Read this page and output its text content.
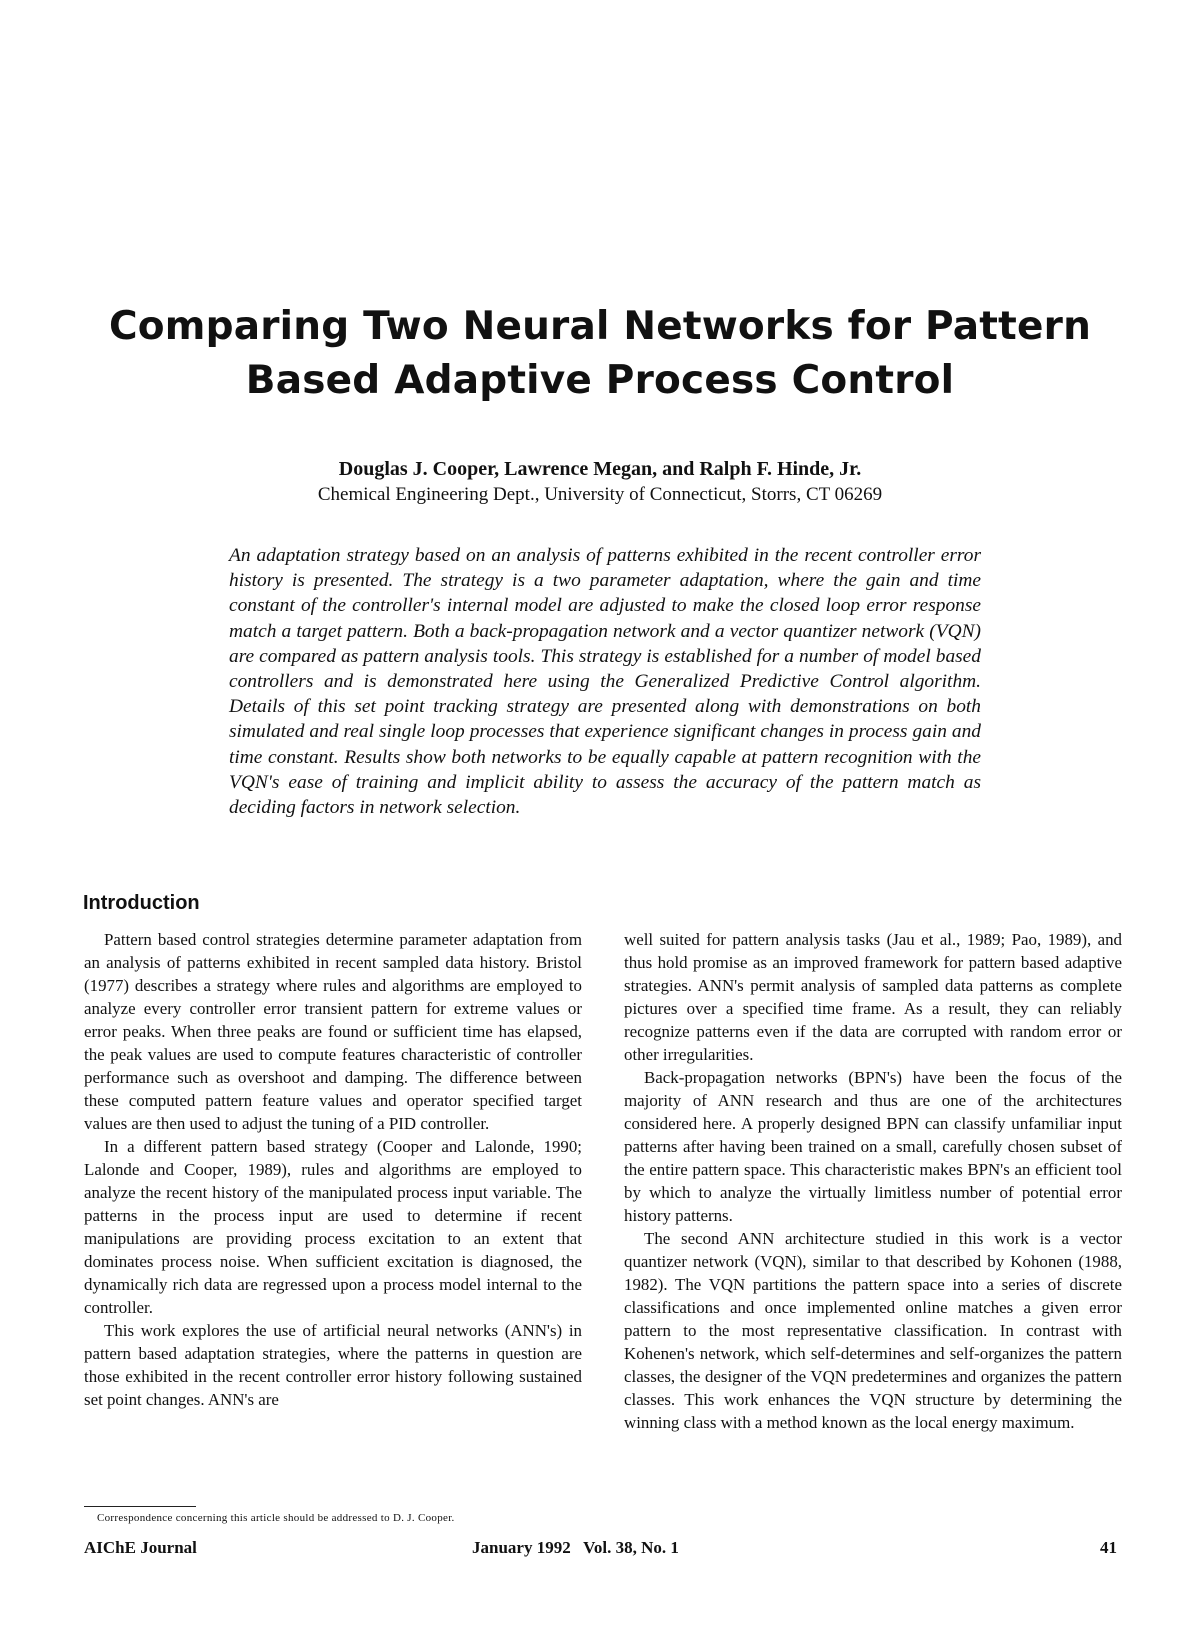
Comparing Two Neural Networks for Pattern
Based Adaptive Process Control
Douglas J. Cooper, Lawrence Megan, and Ralph F. Hinde, Jr.
Chemical Engineering Dept., University of Connecticut, Storrs, CT 06269

An adaptation strategy based on an analysis of patterns exhibited in the recent controller error history is presented. The strategy is a two parameter adaptation, where the gain and time constant of the controller's internal model are adjusted to make the closed loop error response match a target pattern. Both a back-propagation network and a vector quantizer network (VQN) are compared as pattern analysis tools. This strategy is established for a number of model based controllers and is demonstrated here using the Generalized Predictive Control algorithm. Details of this set point tracking strategy are presented along with demonstrations on both simulated and real single loop processes that experience significant changes in process gain and time constant. Results show both networks to be equally capable at pattern recognition with the VQN's ease of training and implicit ability to assess the accuracy of the pattern match as deciding factors in network selection.

Introduction

Pattern based control strategies determine parameter adaptation from an analysis of patterns exhibited in recent sampled data history. Bristol (1977) describes a strategy where rules and algorithms are employed to analyze every controller error transient pattern for extreme values or error peaks. When three peaks are found or sufficient time has elapsed, the peak values are used to compute features characteristic of controller performance such as overshoot and damping. The difference between these computed pattern feature values and operator specified target values are then used to adjust the tuning of a PID controller.

In a different pattern based strategy (Cooper and Lalonde, 1990; Lalonde and Cooper, 1989), rules and algorithms are employed to analyze the recent history of the manipulated process input variable. The patterns in the process input are used to determine if recent manipulations are providing process excitation to an extent that dominates process noise. When sufficient excitation is diagnosed, the dynamically rich data are regressed upon a process model internal to the controller.

This work explores the use of artificial neural networks (ANN's) in pattern based adaptation strategies, where the patterns in question are those exhibited in the recent controller error history following sustained set point changes. ANN's are

well suited for pattern analysis tasks (Jau et al., 1989; Pao, 1989), and thus hold promise as an improved framework for pattern based adaptive strategies. ANN's permit analysis of sampled data patterns as complete pictures over a specified time frame. As a result, they can reliably recognize patterns even if the data are corrupted with random error or other irregularities.

Back-propagation networks (BPN's) have been the focus of the majority of ANN research and thus are one of the architectures considered here. A properly designed BPN can classify unfamiliar input patterns after having been trained on a small, carefully chosen subset of the entire pattern space. This characteristic makes BPN's an efficient tool by which to analyze the virtually limitless number of potential error history patterns.

The second ANN architecture studied in this work is a vector quantizer network (VQN), similar to that described by Kohonen (1988, 1982). The VQN partitions the pattern space into a series of discrete classifications and once implemented online matches a given error pattern to the most representative classification. In contrast with Kohenen's network, which self-determines and self-organizes the pattern classes, the designer of the VQN predetermines and organizes the pattern classes. This work enhances the VQN structure by determining the winning class with a method known as the local energy maximum.

Correspondence concerning this article should be addressed to D. J. Cooper.
AIChE Journal	January 1992   Vol. 38, No. 1	41
